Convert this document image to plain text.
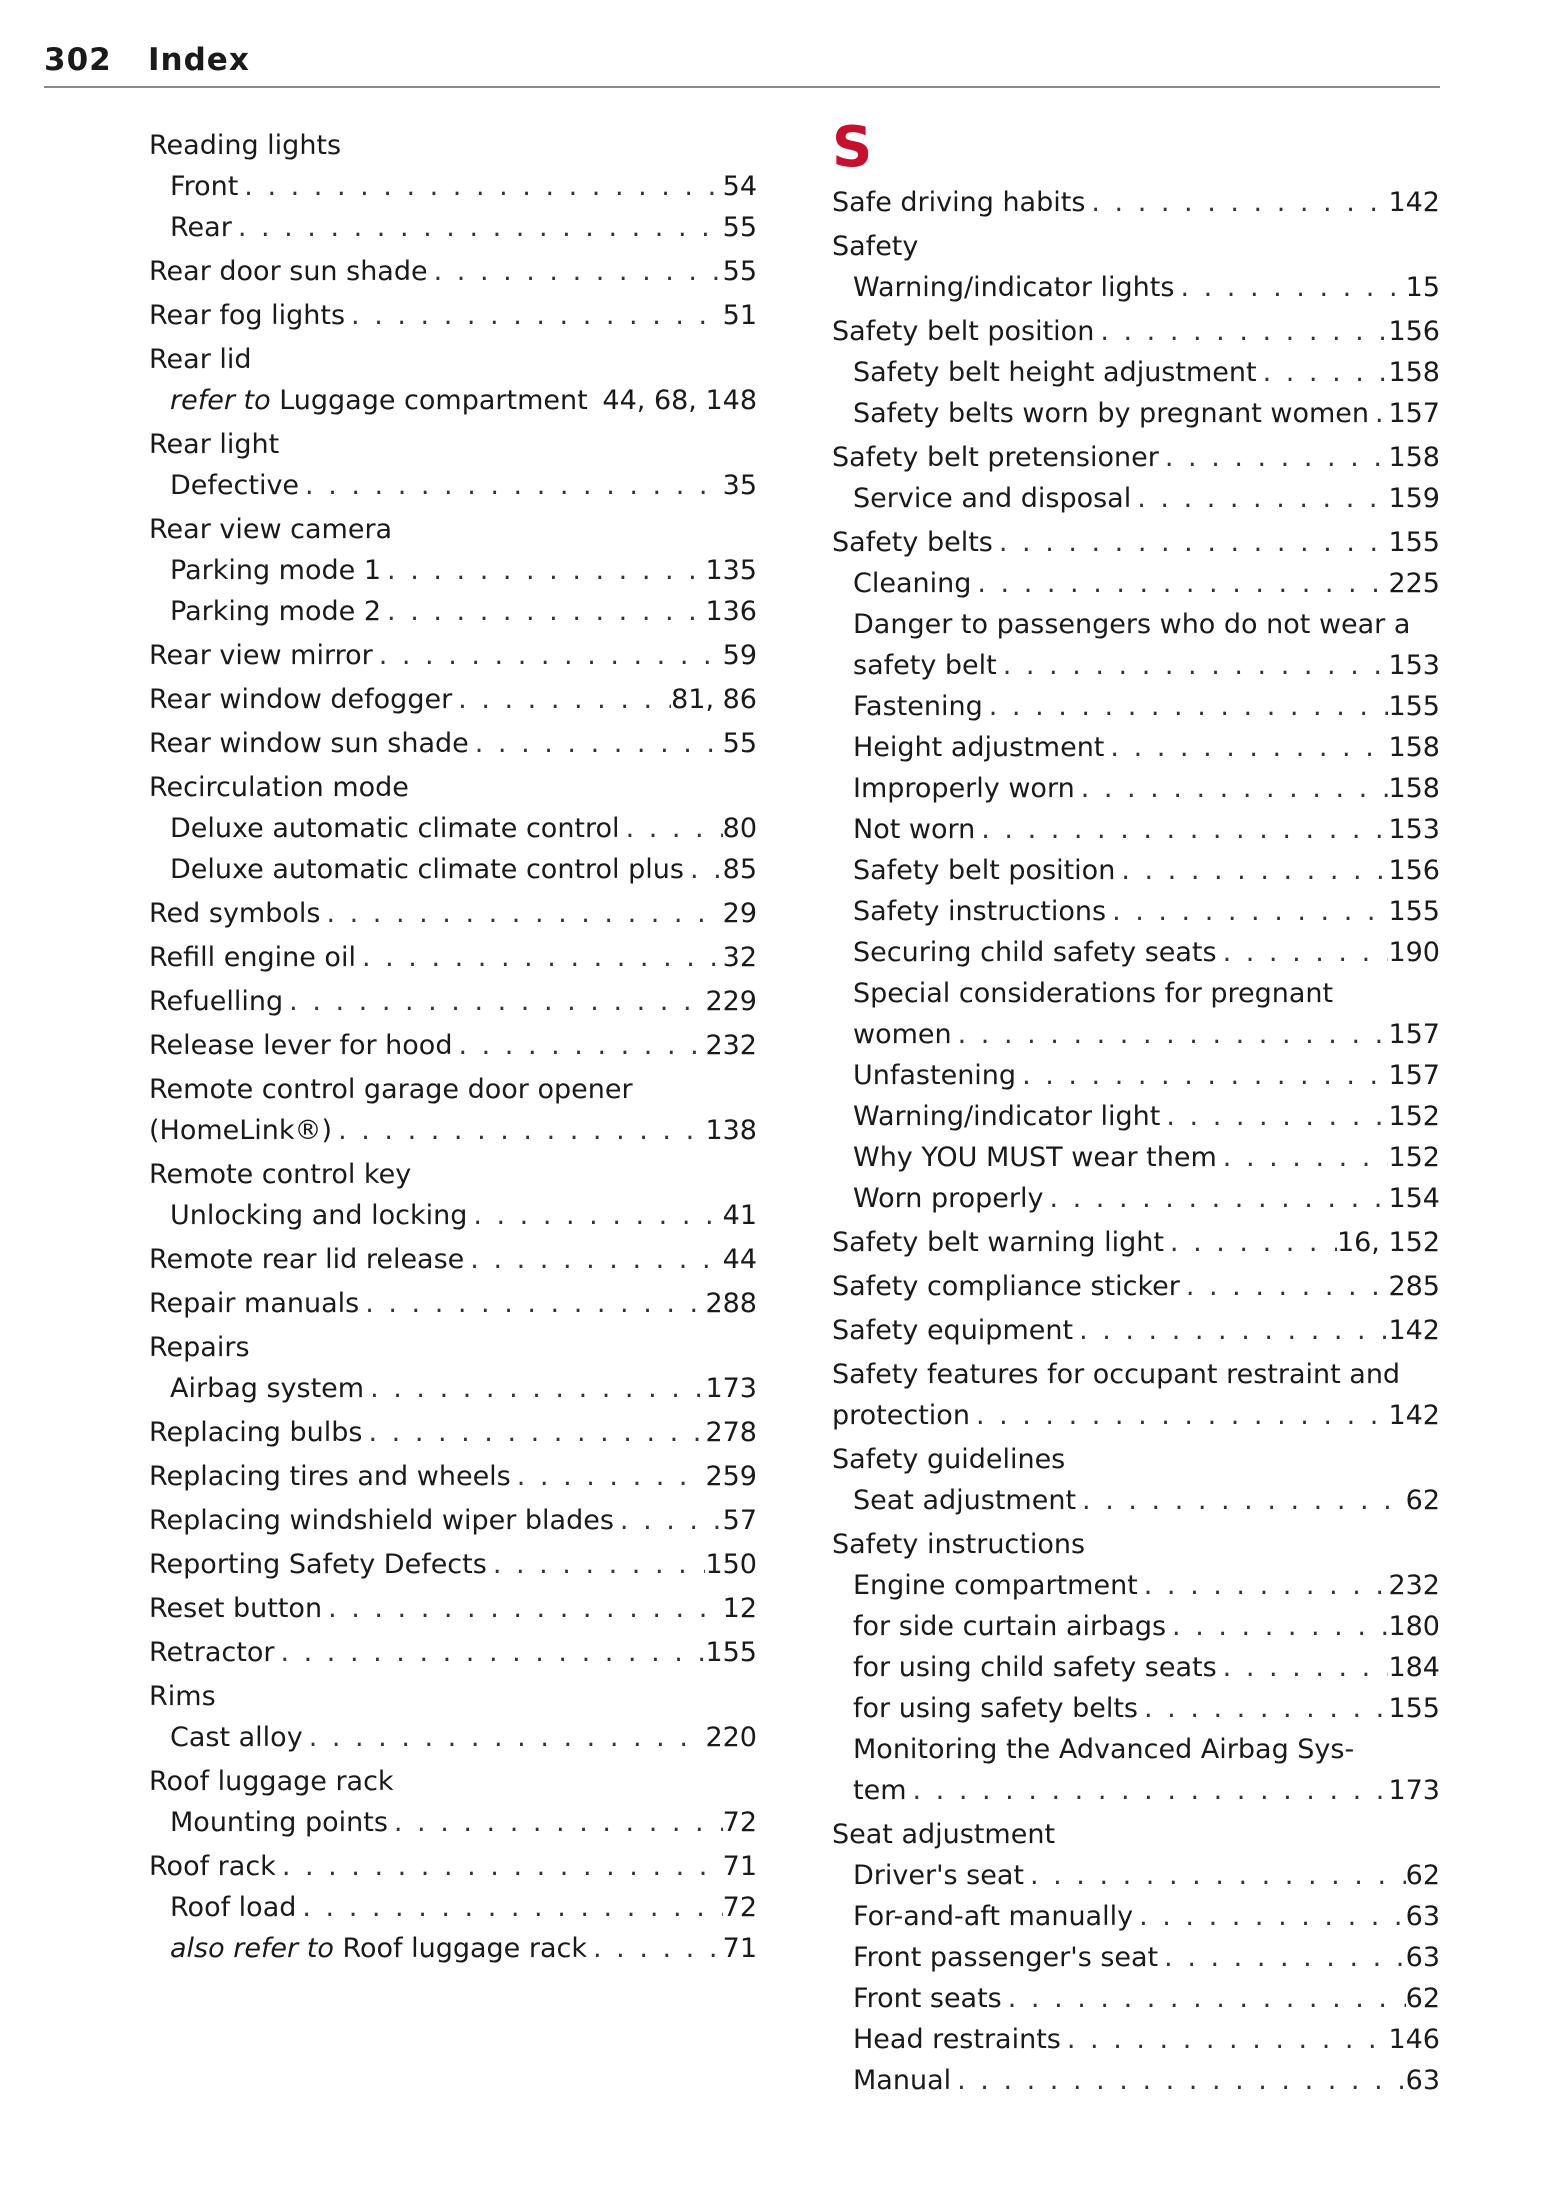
302 Index
Reading lights
Front . . .	54
Rear . . .	55
Rear door sun shade . . .	55
Rear fog lights . . .	51
Rear lid
refer to Luggage compartment 44, 68, 148
Rear light
Defective . . .	35
Rear view camera
Parking mode 1 . . .	135
Parking mode 2 . . .	136
Rear view mirror . . .	59
Rear window defogger . . .	81, 86
Rear window sun shade . . .	55
Recirculation mode
Deluxe automatic climate control . . .	80
Deluxe automatic climate control plus . . . 85
Red symbols . . .	29
Refill engine oil . . .	32
Refuelling . . .	229
Release lever for hood . . .	232
Remote control garage door opener
(HomeLink®) . . .	138
Remote control key
Unlocking and locking . . .	41
Remote rear lid release . . .	44
Repair manuals . . .	288
Repairs
Airbag system . . .	173
Replacing bulbs . . .	278
Replacing tires and wheels . . .	259
Replacing windshield wiper blades . . .	57
Reporting Safety Defects . . .	150
Reset button . . .	12
Retractor . . .	155
Rims
Cast alloy . . .	220
Roof luggage rack
Mounting points . . .	72
Roof rack . . .	71
Roof load . . .	72
also refer to Roof luggage rack . . .	71
S
Safe driving habits . . .	142
Safety
Warning/indicator lights . . .	15
Safety belt position . . .	156
Safety belt height adjustment . . .	158
Safety belts worn by pregnant women . . . 157
Safety belt pretensioner . . .	158
Service and disposal . . .	159
Safety belts . . .	155
Cleaning . . .	225
Danger to passengers who do not wear a
safety belt . . .	153
Fastening . . .	155
Height adjustment . . .	158
Improperly worn . . .	158
Not worn . . .	153
Safety belt position . . .	156
Safety instructions . . .	155
Securing child safety seats . . .	190
Special considerations for pregnant
women . . .	157
Unfastening . . .	157
Warning/indicator light . . .	152
Why YOU MUST wear them . . .	152
Worn properly . . .	154
Safety belt warning light . . .	16, 152
Safety compliance sticker . . .	285
Safety equipment . . .	142
Safety features for occupant restraint and
protection . . .	142
Safety guidelines
Seat adjustment . . .	62
Safety instructions
Engine compartment . . .	232
for side curtain airbags . . .	180
for using child safety seats . . .	184
for using safety belts . . .	155
Monitoring the Advanced Airbag Sys-
tem . . .	173
Seat adjustment
Driver's seat . . .	62
For-and-aft manually . . .	63
Front passenger's seat . . .	63
Front seats . . .	62
Head restraints . . .	146
Manual . . .	63
